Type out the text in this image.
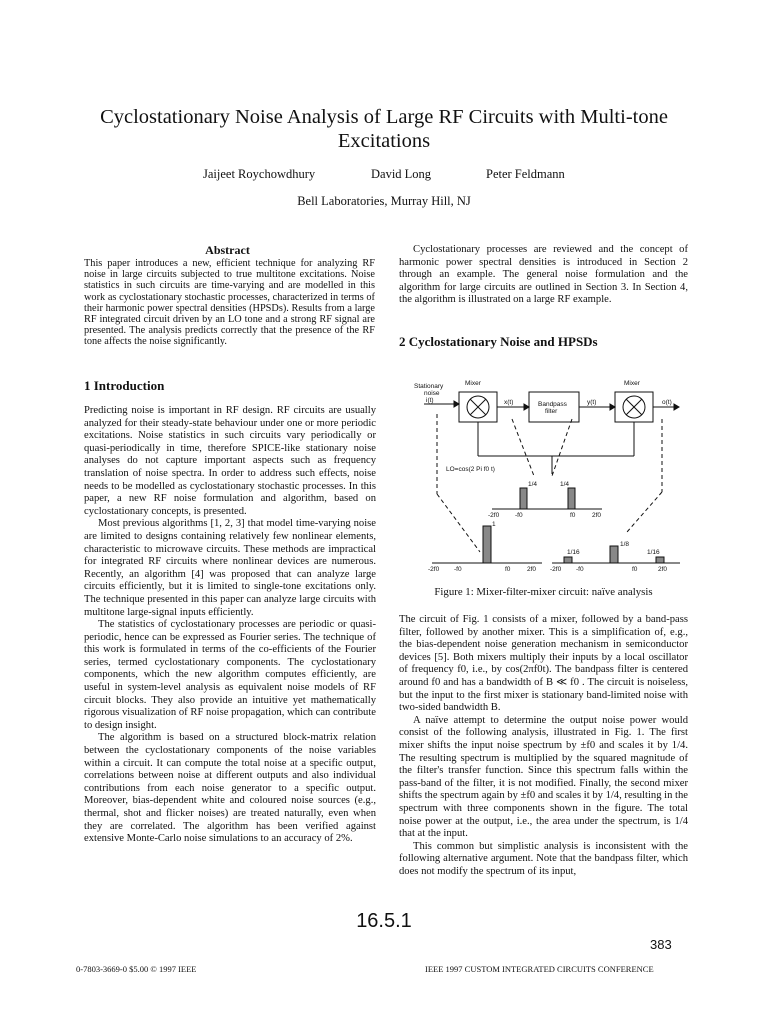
Cyclostationary Noise Analysis of Large RF Circuits with Multi-tone
Excitations
Jaijeet Roychowdhury	David Long	Peter Feldmann
Bell Laboratories, Murray Hill, NJ
Abstract

This paper introduces a new, efficient technique for analyzing RF noise in large circuits subjected to true multitone excitations. Noise statistics in such circuits are time-varying and are modelled in this work as cyclostationary stochastic processes, characterized in terms of their harmonic power spectral densities (HPSDs). Results from a large RF integrated circuit driven by an LO tone and a strong RF signal are presented. The analysis predicts correctly that the presence of the RF tone affects the noise significantly.

1 Introduction

Predicting noise is important in RF design. RF circuits are usually analyzed for their steady-state behaviour under one or more periodic excitations. Noise statistics in such circuits vary periodically or quasi-periodically in time, therefore SPICE-like stationary noise analyses do not capture important aspects such as frequency translation of noise spectra. In order to address such effects, noise needs to be modelled as cyclostationary stochastic processes. In this paper, a new RF noise formulation and algorithm, based on cyclostationary concepts, is presented.

Most previous algorithms [1, 2, 3] that model time-varying noise are limited to designs containing relatively few nonlinear elements, characteristic to microwave circuits. These methods are impractical for integrated RF circuits where nonlinear devices are numerous. Recently, an algorithm [4] was proposed that can analyze large circuits efficiently, but it is limited to single-tone excitations only. The technique presented in this paper can analyze large circuits with multitone large-signal inputs efficiently.

The statistics of cyclostationary processes are periodic or quasi-periodic, hence can be expressed as Fourier series. The technique of this work is formulated in terms of the co-efficients of the Fourier series, termed cyclostationary components. The cyclostationary components, which the new algorithm computes efficiently, are useful in system-level analysis as equivalent noise models of RF circuit blocks. They also provide an intuitive yet mathematically rigorous visualization of RF noise propagation, which can contribute to design insight.

The algorithm is based on a structured block-matrix relation between the cyclostationary components of the noise variables within a circuit. It can compute the total noise at a specific output, correlations between noise at different outputs and also individual contributions from each noise generator to a specific output. Moreover, bias-dependent white and coloured noise sources (e.g., thermal, shot and flicker noises) are treated naturally, even when they are correlated. The algorithm has been verified against extensive Monte-Carlo noise simulations to an accuracy of 2%.

Cyclostationary processes are reviewed and the concept of harmonic power spectral densities is introduced in Section 2 through an example. The general noise formulation and the algorithm for large circuits are outlined in Section 3. In Section 4, the algorithm is illustrated on a large RF example.

2 Cyclostationary Noise and HPSDs
Stationary
noise
i(t)
Mixer	Mixer
x(t)	Bandpass
filter
y(t)	o(t)
LO=cos(2 Pi f0 t)
1/4	1/4
-2f0 -f0	f0	2f0
1
-2f0 -f0	f0	2f0
1/16
1/8
1/16
-2f0 -f0	f0	2f0
Figure 1: Mixer-filter-mixer circuit: naïve analysis

The circuit of Fig. 1 consists of a mixer, followed by a band-pass filter, followed by another mixer. This is a simplification of, e.g., the bias-dependent noise generation mechanism in semiconductor devices [5]. Both mixers multiply their inputs by a local oscillator of frequency f0, i.e., by cos(2πf0t). The bandpass filter is centered around f0 and has a bandwidth of B ≪ f0 . The circuit is noiseless, but the input to the first mixer is stationary band-limited noise with two-sided bandwidth B.

A naïve attempt to determine the output noise power would consist of the following analysis, illustrated in Fig. 1. The first mixer shifts the input noise spectrum by ±f0 and scales it by 1/4. The resulting spectrum is multiplied by the squared magnitude of the filter's transfer function. Since this spectrum falls within the pass-band of the filter, it is not modified. Finally, the second mixer shifts the spectrum again by ±f0 and scales it by 1/4, resulting in the spectrum with three components shown in the figure. The total noise power at the output, i.e., the area under the spectrum, is 1/4 that at the input.

This common but simplistic analysis is inconsistent with the following alternative argument. Note that the bandpass filter, which does not modify the spectrum of its input,

16.5.1
383
0-7803-3669-0 $5.00 © 1997 IEEE	IEEE 1997 CUSTOM INTEGRATED CIRCUITS CONFERENCE
